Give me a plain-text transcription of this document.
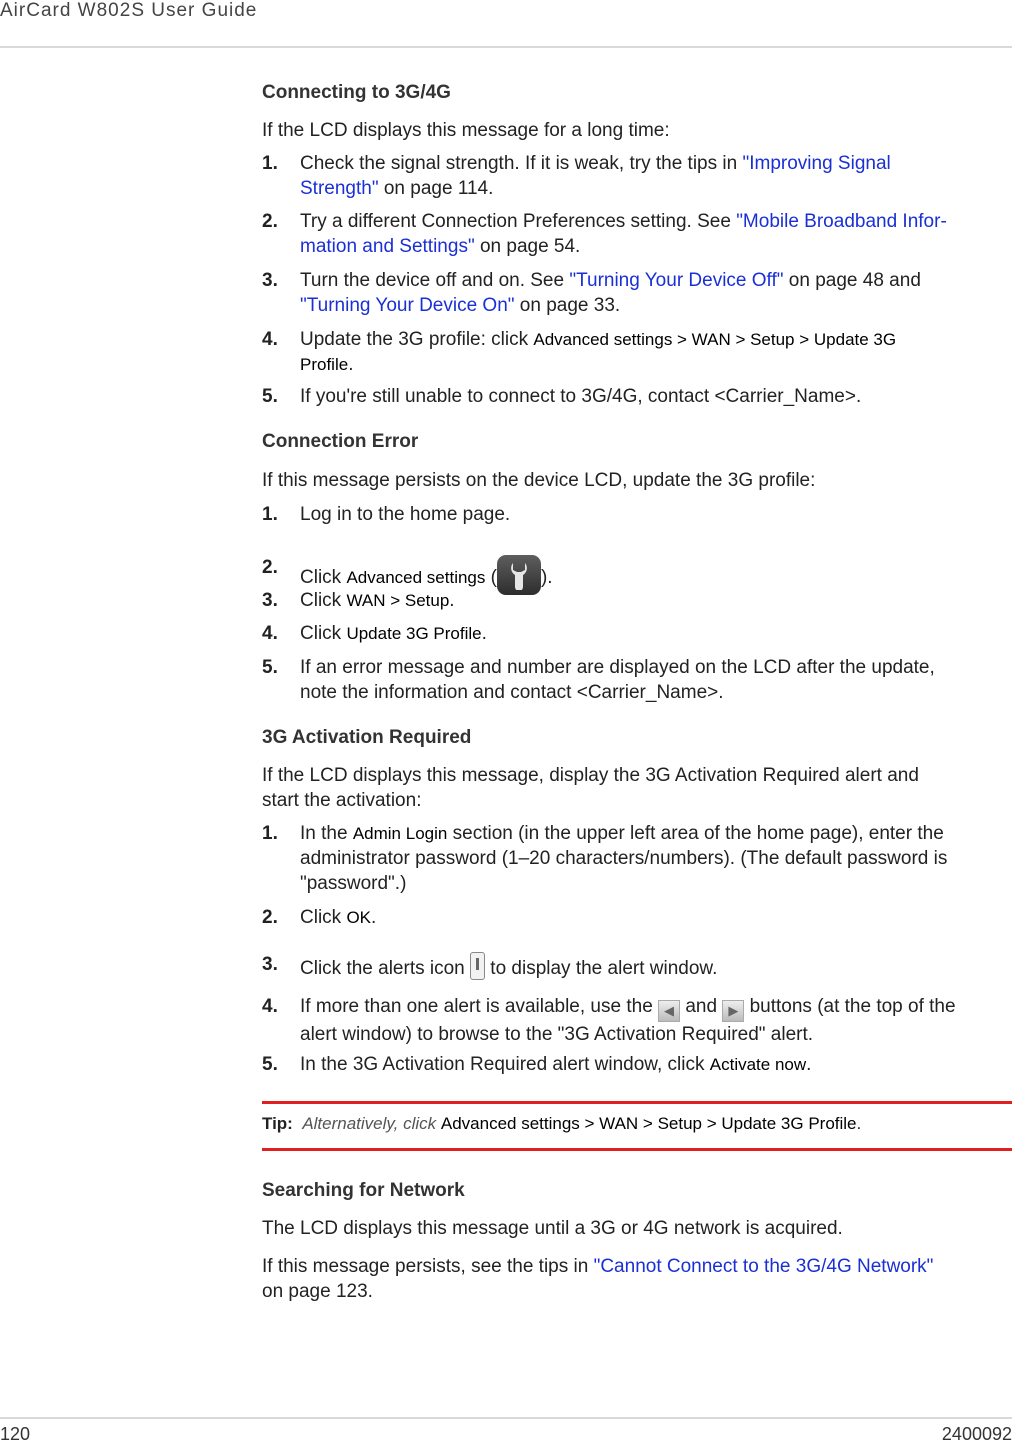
AirCard W802S User Guide
Connecting to 3G/4G
If the LCD displays this message for a long time:
1. Check the signal strength. If it is weak, try the tips in "Improving Signal
Strength" on page 114.
2. Try a different Connection Preferences setting. See "Mobile Broadband Infor-
mation and Settings" on page 54.
3. Turn the device off and on. See "Turning Your Device Off" on page 48 and
"Turning Your Device On" on page 33.
4. Update the 3G profile: click Advanced settings > WAN > Setup > Update 3G
Profile.
5. If you're still unable to connect to 3G/4G, contact <Carrier_Name>.
Connection Error
If this message persists on the device LCD, update the 3G profile:
1. Log in to the home page.
2. Click Advanced settings ( ).
3. Click WAN > Setup.
4. Click Update 3G Profile.
5. If an error message and number are displayed on the LCD after the update,
note the information and contact <Carrier_Name>.
3G Activation Required
If the LCD displays this message, display the 3G Activation Required alert and
start the activation:
1. In the Admin Login section (in the upper left area of the home page), enter the
administrator password (1–20 characters/numbers). (The default password is
"password".)
2. Click OK.
3. Click the alerts icon  to display the alert window.
4. If more than one alert is available, use the ◀ and ▶ buttons (at the top of the
alert window) to browse to the "3G Activation Required" alert.
5. In the 3G Activation Required alert window, click Activate now.
Tip: Alternatively, click Advanced settings > WAN > Setup > Update 3G Profile.
Searching for Network
The LCD displays this message until a 3G or 4G network is acquired.
If this message persists, see the tips in "Cannot Connect to the 3G/4G Network"
on page 123.
120	2400092
